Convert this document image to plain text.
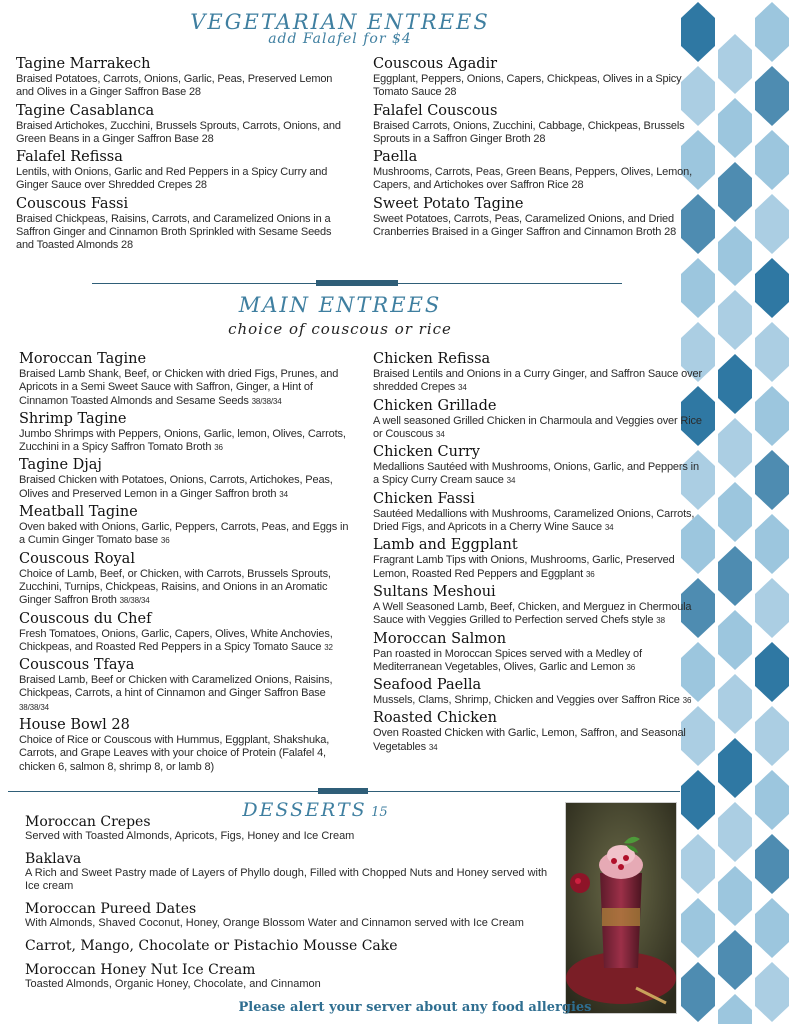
VEGETARIAN ENTREES
add Falafel for $4
Tagine Marrakech
Braised Potatoes, Carrots, Onions, Garlic, Peas, Preserved Lemon and Olives in a Ginger Saffron Base 28
Tagine Casablanca
Braised Artichokes, Zucchini, Brussels Sprouts, Carrots, Onions, and Green Beans in a Ginger Saffron Base 28
Falafel Refissa
Lentils, with Onions, Garlic and Red Peppers in a Spicy Curry and Ginger Sauce over Shredded Crepes 28
Couscous Fassi
Braised Chickpeas, Raisins, Carrots, and Caramelized Onions in a Saffron Ginger and Cinnamon Broth Sprinkled with Sesame Seeds and Toasted Almonds 28
Couscous Agadir
Eggplant, Peppers, Onions, Capers, Chickpeas, Olives in a Spicy Tomato Sauce 28
Falafel Couscous
Braised Carrots, Onions, Zucchini, Cabbage, Chickpeas, Brussels Sprouts in a Saffron Ginger Broth 28
Paella
Mushrooms, Carrots, Peas, Green Beans, Peppers, Olives, Lemon, Capers, and Artichokes over Saffron Rice 28
Sweet Potato Tagine
Sweet Potatoes, Carrots, Peas, Caramelized Onions, and Dried Cranberries Braised in a Ginger Saffron and Cinnamon Broth 28
MAIN ENTREES
choice of couscous or rice
Moroccan Tagine
Braised Lamb Shank, Beef, or Chicken with dried Figs, Prunes, and Apricots in a Semi Sweet Sauce with Saffron, Ginger, a Hint of Cinnamon Toasted Almonds and Sesame Seeds 38/38/34
Shrimp Tagine
Jumbo Shrimps with Peppers, Onions, Garlic, lemon, Olives, Carrots, Zucchini in a Spicy Saffron Tomato Broth 36
Tagine Djaj
Braised Chicken with Potatoes, Onions, Carrots, Artichokes, Peas, Olives and Preserved Lemon in a Ginger Saffron broth 34
Meatball Tagine
Oven baked with Onions, Garlic, Peppers, Carrots, Peas, and Eggs in a Cumin Ginger Tomato base 36
Couscous Royal
Choice of Lamb, Beef, or Chicken, with Carrots, Brussels Sprouts, Zucchini, Turnips, Chickpeas, Raisins, and Onions in an Aromatic Ginger Saffron Broth 38/38/34
Couscous du Chef
Fresh Tomatoes, Onions, Garlic, Capers, Olives, White Anchovies, Chickpeas, and Roasted Red Peppers in a Spicy Tomato Sauce 32
Couscous Tfaya
Braised Lamb, Beef or Chicken with Caramelized Onions, Raisins, Chickpeas, Carrots, a hint of Cinnamon and Ginger Saffron Base 38/38/34
House Bowl 28
Choice of Rice or Couscous with Hummus, Eggplant, Shakshuka, Carrots, and Grape Leaves with your choice of Protein (Falafel 4, chicken 6, salmon 8, shrimp 8, or lamb 8)
Chicken Refissa
Braised Lentils and Onions in a Curry Ginger, and Saffron Sauce over shredded Crepes 34
Chicken Grillade
A well seasoned Grilled Chicken in Charmoula and Veggies over Rice or Couscous 34
Chicken Curry
Medallions Sautéed with Mushrooms, Onions, Garlic, and Peppers in a Spicy Curry Cream sauce 34
Chicken Fassi
Sautéed Medallions with Mushrooms, Caramelized Onions, Carrots, Dried Figs, and Apricots in a Cherry Wine Sauce 34
Lamb and Eggplant
Fragrant Lamb Tips with Onions, Mushrooms, Garlic, Preserved Lemon, Roasted Red Peppers and Eggplant 36
Sultans Meshoui
A Well Seasoned Lamb, Beef, Chicken, and Merguez in Chermoula Sauce with Veggies Grilled to Perfection served Chefs style 38
Moroccan Salmon
Pan roasted in Moroccan Spices served with a Medley of Mediterranean Vegetables, Olives, Garlic and Lemon 36
Seafood Paella
Mussels, Clams, Shrimp, Chicken and Veggies over Saffron Rice 36
Roasted Chicken
Oven Roasted Chicken with Garlic, Lemon, Saffron, and Seasonal Vegetables 34
DESSERTS 15
Moroccan Crepes
Served with Toasted Almonds, Apricots, Figs, Honey and Ice Cream
Baklava
A Rich and Sweet Pastry made of Layers of Phyllo dough, Filled with Chopped Nuts and Honey served with Ice cream
Moroccan Pureed Dates
With Almonds, Shaved Coconut, Honey, Orange Blossom Water and Cinnamon served with Ice Cream
Carrot, Mango, Chocolate or Pistachio Mousse Cake
Moroccan Honey Nut Ice Cream
Toasted Almonds, Organic Honey, Chocolate, and Cinnamon
Please alert your server about any food allergies
